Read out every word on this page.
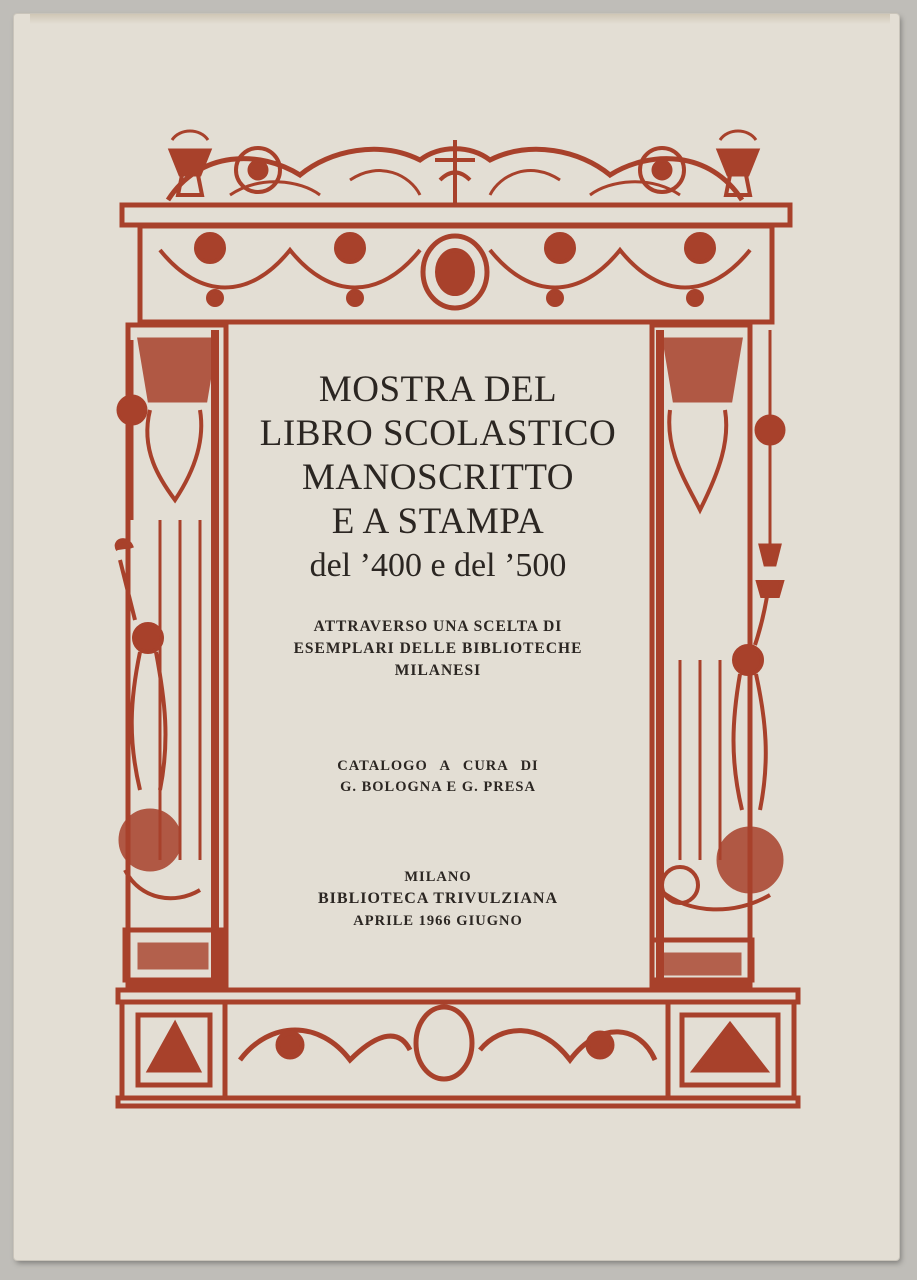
MOSTRA DEL
LIBRO SCOLASTICO
MANOSCRITTO
E A STAMPA
del ’400 e del ’500
ATTRAVERSO UNA SCELTA DI
ESEMPLARI DELLE BIBLIOTECHE
MILANESI
CATALOGO A CURA DI
G. BOLOGNA E G. PRESA
MILANO
BIBLIOTECA TRIVULZIANA
APRILE 1966 GIUGNO
